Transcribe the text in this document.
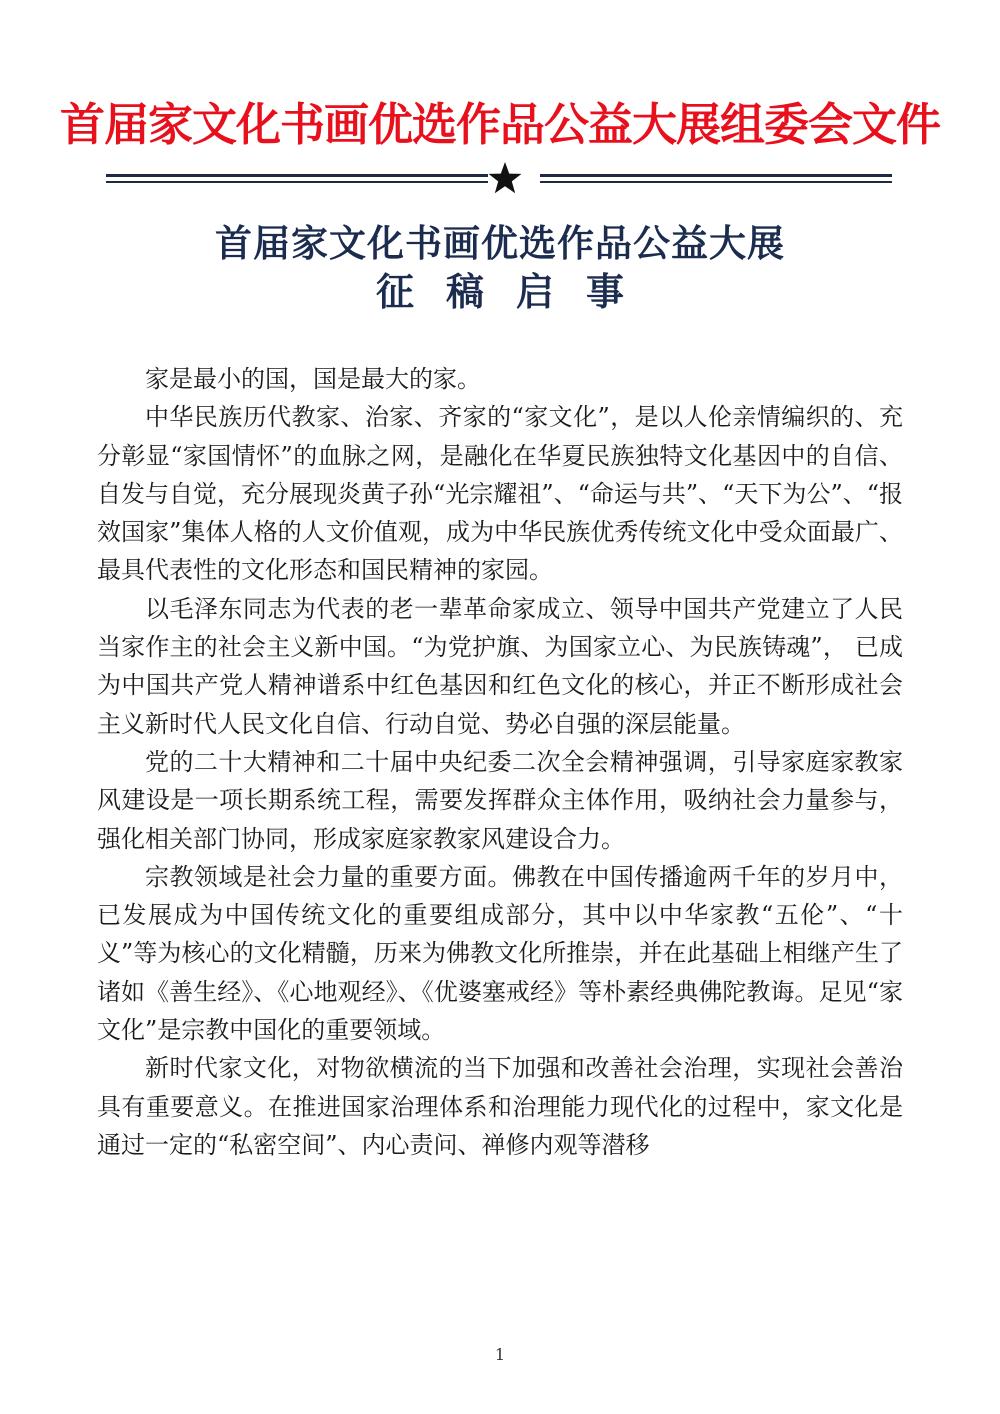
首届家文化书画优选作品公益大展组委会文件
首届家文化书画优选作品公益大展
征稿启事

家是最小的国，国是最大的家。

中华民族历代教家、治家、齐家的“家文化”，是以人伦亲情编织的、充分彰显“家国情怀”的血脉之网，是融化在华夏民族独特文化基因中的自信、自发与自觉，充分展现炎黄子孙“光宗耀祖”、“命运与共”、“天下为公”、“报效国家”集体人格的人文价值观，成为中华民族优秀传统文化中受众面最广、最具代表性的文化形态和国民精神的家园。

以毛泽东同志为代表的老一辈革命家成立、领导中国共产党建立了人民当家作主的社会主义新中国。“为党护旗、为国家立心、为民族铸魂”， 已成为中国共产党人精神谱系中红色基因和红色文化的核心，并正不断形成社会主义新时代人民文化自信、行动自觉、势必自强的深层能量。

党的二十大精神和二十届中央纪委二次全会精神强调，引导家庭家教家风建设是一项长期系统工程，需要发挥群众主体作用，吸纳社会力量参与，强化相关部门协同，形成家庭家教家风建设合力。

宗教领域是社会力量的重要方面。佛教在中国传播逾两千年的岁月中，已发展成为中国传统文化的重要组成部分，其中以中华家教“五伦”、“十义”等为核心的文化精髓，历来为佛教文化所推崇，并在此基础上相继产生了诸如《善生经》、《心地观经》、《优婆塞戒经》等朴素经典佛陀教诲。足见“家文化”是宗教中国化的重要领域。

新时代家文化，对物欲横流的当下加强和改善社会治理，实现社会善治具有重要意义。在推进国家治理体系和治理能力现代化的过程中，家文化是通过一定的“私密空间”、内心责问、禅修内观等潜移

1
